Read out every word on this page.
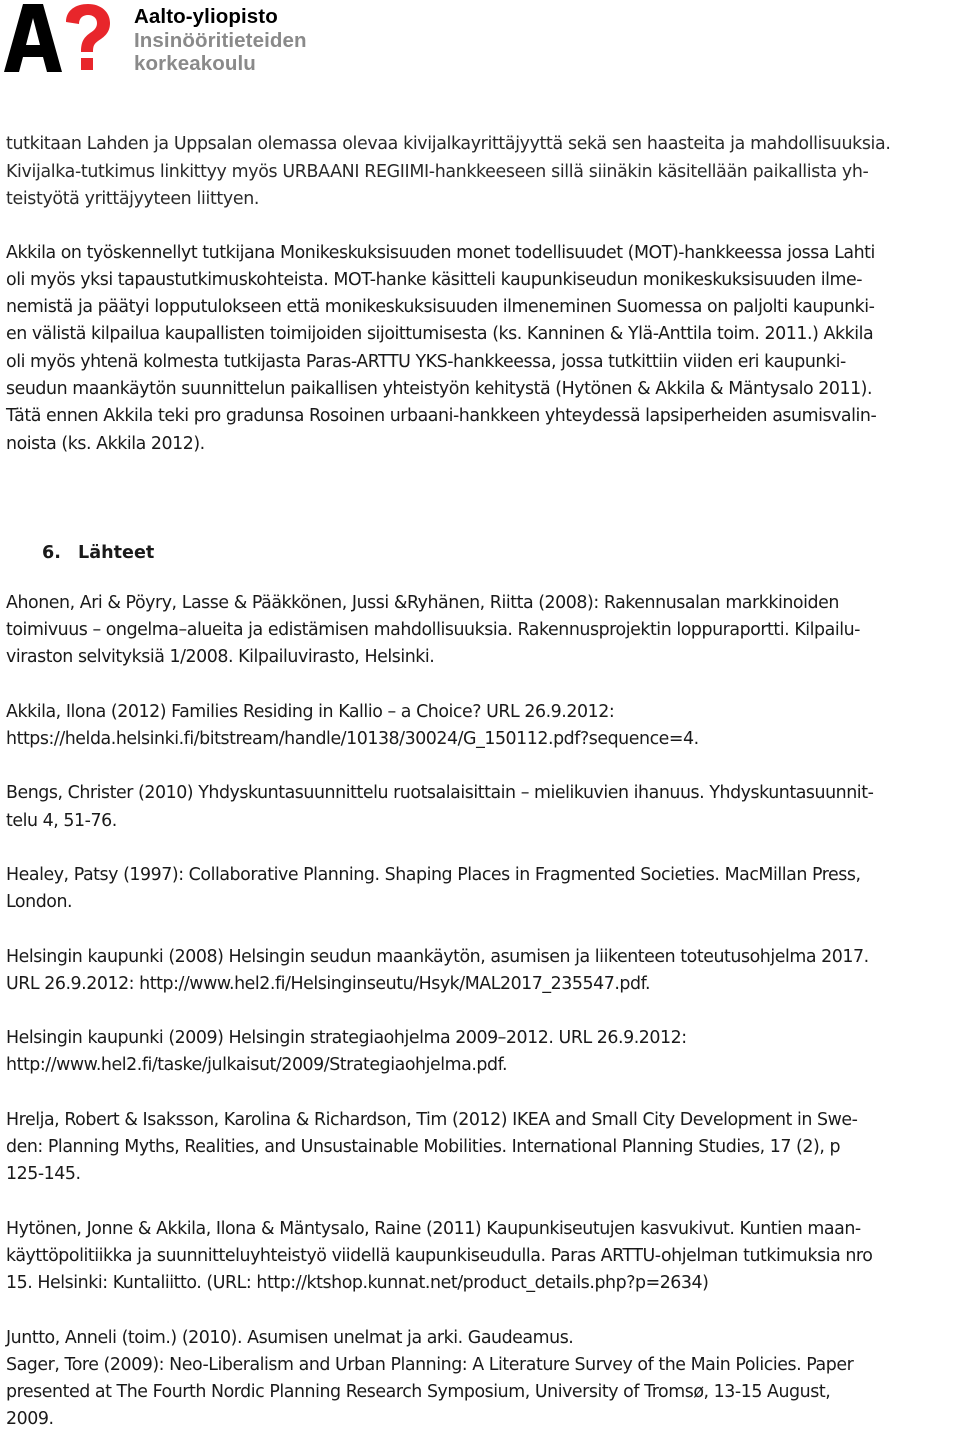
Aalto-yliopisto
Insinööritieteiden
korkeakoulu

tutkitaan Lahden ja Uppsalan olemassa olevaa kivijalkayrittäjyyttä sekä sen haasteita ja mahdollisuuksia.
Kivijalka-tutkimus linkittyy myös URBAANI REGIIMI-hankkeeseen sillä siinäkin käsitellään paikallista yh-
teistyötä yrittäjyyteen liittyen.

Akkila on työskennellyt tutkijana Monikeskuksisuuden monet todellisuudet (MOT)-hankkeessa jossa Lahti
oli myös yksi tapaustutkimuskohteista. MOT-hanke käsitteli kaupunkiseudun monikeskuksisuuden ilme-
nemistä ja päätyi lopputulokseen että monikeskuksisuuden ilmeneminen Suomessa on paljolti kaupunki-
en välistä kilpailua kaupallisten toimijoiden sijoittumisesta (ks. Kanninen & Ylä-Anttila toim. 2011.) Akkila
oli myös yhtenä kolmesta tutkijasta Paras-ARTTU YKS-hankkeessa, jossa tutkittiin viiden eri kaupunki-
seudun maankäytön suunnittelun paikallisen yhteistyön kehitystä (Hytönen & Akkila & Mäntysalo 2011).
Tätä ennen Akkila teki pro gradunsa Rosoinen urbaani-hankkeen yhteydessä lapsiperheiden asumisvalin-
noista (ks. Akkila 2012).

6. Lähteet

Ahonen, Ari & Pöyry, Lasse & Pääkkönen, Jussi &Ryhänen, Riitta (2008): Rakennusalan markkinoiden
toimivuus – ongelma–alueita ja edistämisen mahdollisuuksia. Rakennusprojektin loppuraportti. Kilpailu-
viraston selvityksiä 1/2008. Kilpailuvirasto, Helsinki.

Akkila, Ilona (2012) Families Residing in Kallio – a Choice? URL 26.9.2012:
https://helda.helsinki.fi/bitstream/handle/10138/30024/G_150112.pdf?sequence=4.

Bengs, Christer (2010) Yhdyskuntasuunnittelu ruotsalaisittain – mielikuvien ihanuus. Yhdyskuntasuunnit-
telu 4, 51-76.

Healey, Patsy (1997): Collaborative Planning. Shaping Places in Fragmented Societies. MacMillan Press,
London.

Helsingin kaupunki (2008) Helsingin seudun maankäytön, asumisen ja liikenteen toteutusohjelma 2017.
URL 26.9.2012: http://www.hel2.fi/Helsinginseutu/Hsyk/MAL2017_235547.pdf.

Helsingin kaupunki (2009) Helsingin strategiaohjelma 2009–2012. URL 26.9.2012:
http://www.hel2.fi/taske/julkaisut/2009/Strategiaohjelma.pdf.

Hrelja, Robert & Isaksson, Karolina & Richardson, Tim (2012) IKEA and Small City Development in Swe-
den: Planning Myths, Realities, and Unsustainable Mobilities. International Planning Studies, 17 (2), p
125-145.

Hytönen, Jonne & Akkila, Ilona & Mäntysalo, Raine (2011) Kaupunkiseutujen kasvukivut. Kuntien maan-
käyttöpolitiikka ja suunnitteluyhteistyö viidellä kaupunkiseudulla. Paras ARTTU-ohjelman tutkimuksia nro
15. Helsinki: Kuntaliitto. (URL: http://ktshop.kunnat.net/product_details.php?p=2634)

Juntto, Anneli (toim.) (2010). Asumisen unelmat ja arki. Gaudeamus.
Sager, Tore (2009): Neo-Liberalism and Urban Planning: A Literature Survey of the Main Policies. Paper
presented at The Fourth Nordic Planning Research Symposium, University of Tromsø, 13-15 August,
2009.
